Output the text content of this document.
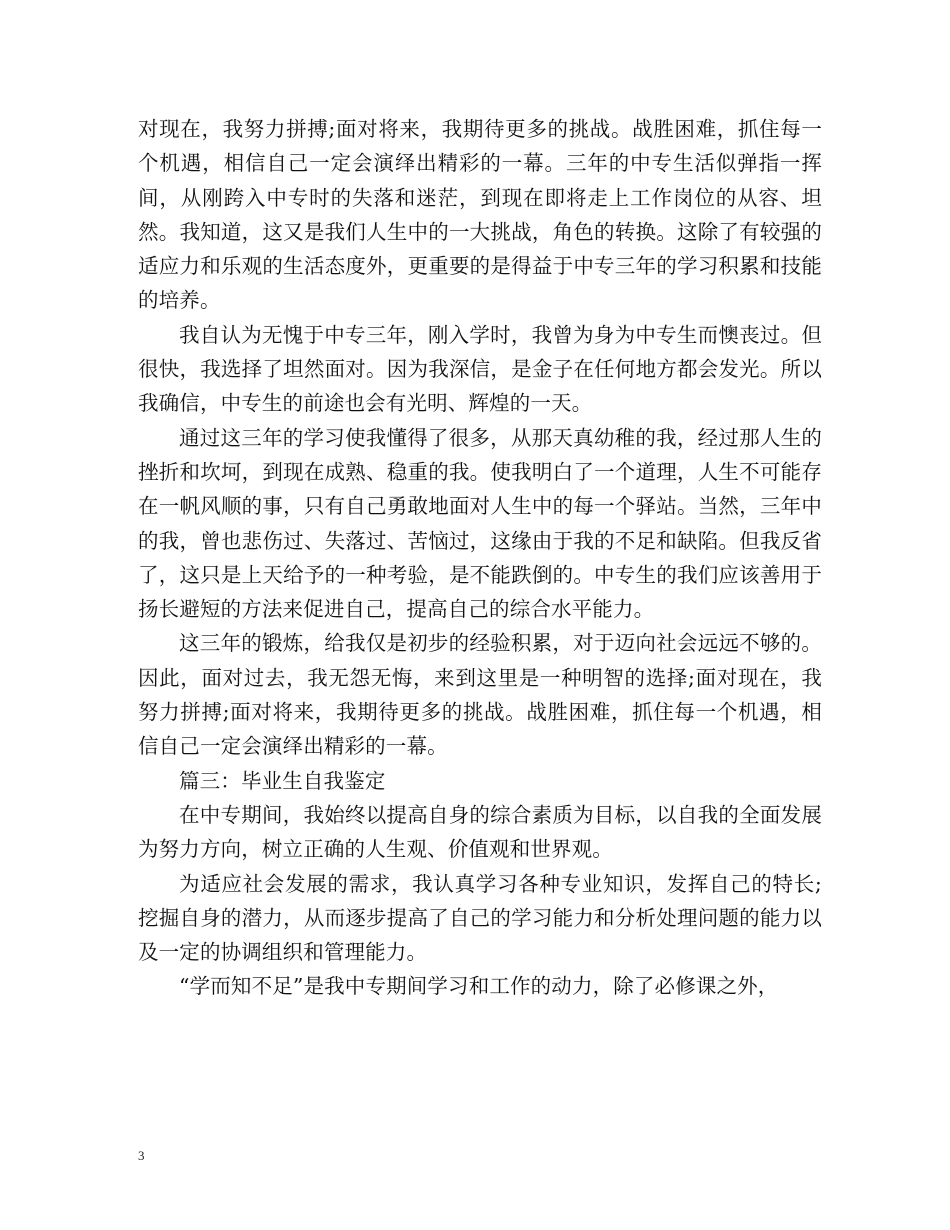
对现在，我努力拼搏;面对将来，我期待更多的挑战。战胜困难，抓住每一个机遇，相信自己一定会演绎出精彩的一幕。三年的中专生活似弹指一挥间，从刚跨入中专时的失落和迷茫，到现在即将走上工作岗位的从容、坦然。我知道，这又是我们人生中的一大挑战，角色的转换。这除了有较强的适应力和乐观的生活态度外，更重要的是得益于中专三年的学习积累和技能的培养。

我自认为无愧于中专三年，刚入学时，我曾为身为中专生而懊丧过。但很快，我选择了坦然面对。因为我深信，是金子在任何地方都会发光。所以我确信，中专生的前途也会有光明、辉煌的一天。

通过这三年的学习使我懂得了很多，从那天真幼稚的我，经过那人生的挫折和坎坷，到现在成熟、稳重的我。使我明白了一个道理，人生不可能存在一帆风顺的事，只有自己勇敢地面对人生中的每一个驿站。当然，三年中的我，曾也悲伤过、失落过、苦恼过，这缘由于我的不足和缺陷。但我反省了，这只是上天给予的一种考验，是不能跌倒的。中专生的我们应该善用于扬长避短的方法来促进自己，提高自己的综合水平能力。

这三年的锻炼，给我仅是初步的经验积累，对于迈向社会远远不够的。因此，面对过去，我无怨无悔，来到这里是一种明智的选择;面对现在，我努力拼搏;面对将来，我期待更多的挑战。战胜困难，抓住每一个机遇，相信自己一定会演绎出精彩的一幕。

篇三：毕业生自我鉴定

在中专期间，我始终以提高自身的综合素质为目标，以自我的全面发展为努力方向，树立正确的人生观、价值观和世界观。

为适应社会发展的需求，我认真学习各种专业知识，发挥自己的特长;挖掘自身的潜力，从而逐步提高了自己的学习能力和分析处理问题的能力以及一定的协调组织和管理能力。

“学而知不足”是我中专期间学习和工作的动力，除了必修课之外，

3
